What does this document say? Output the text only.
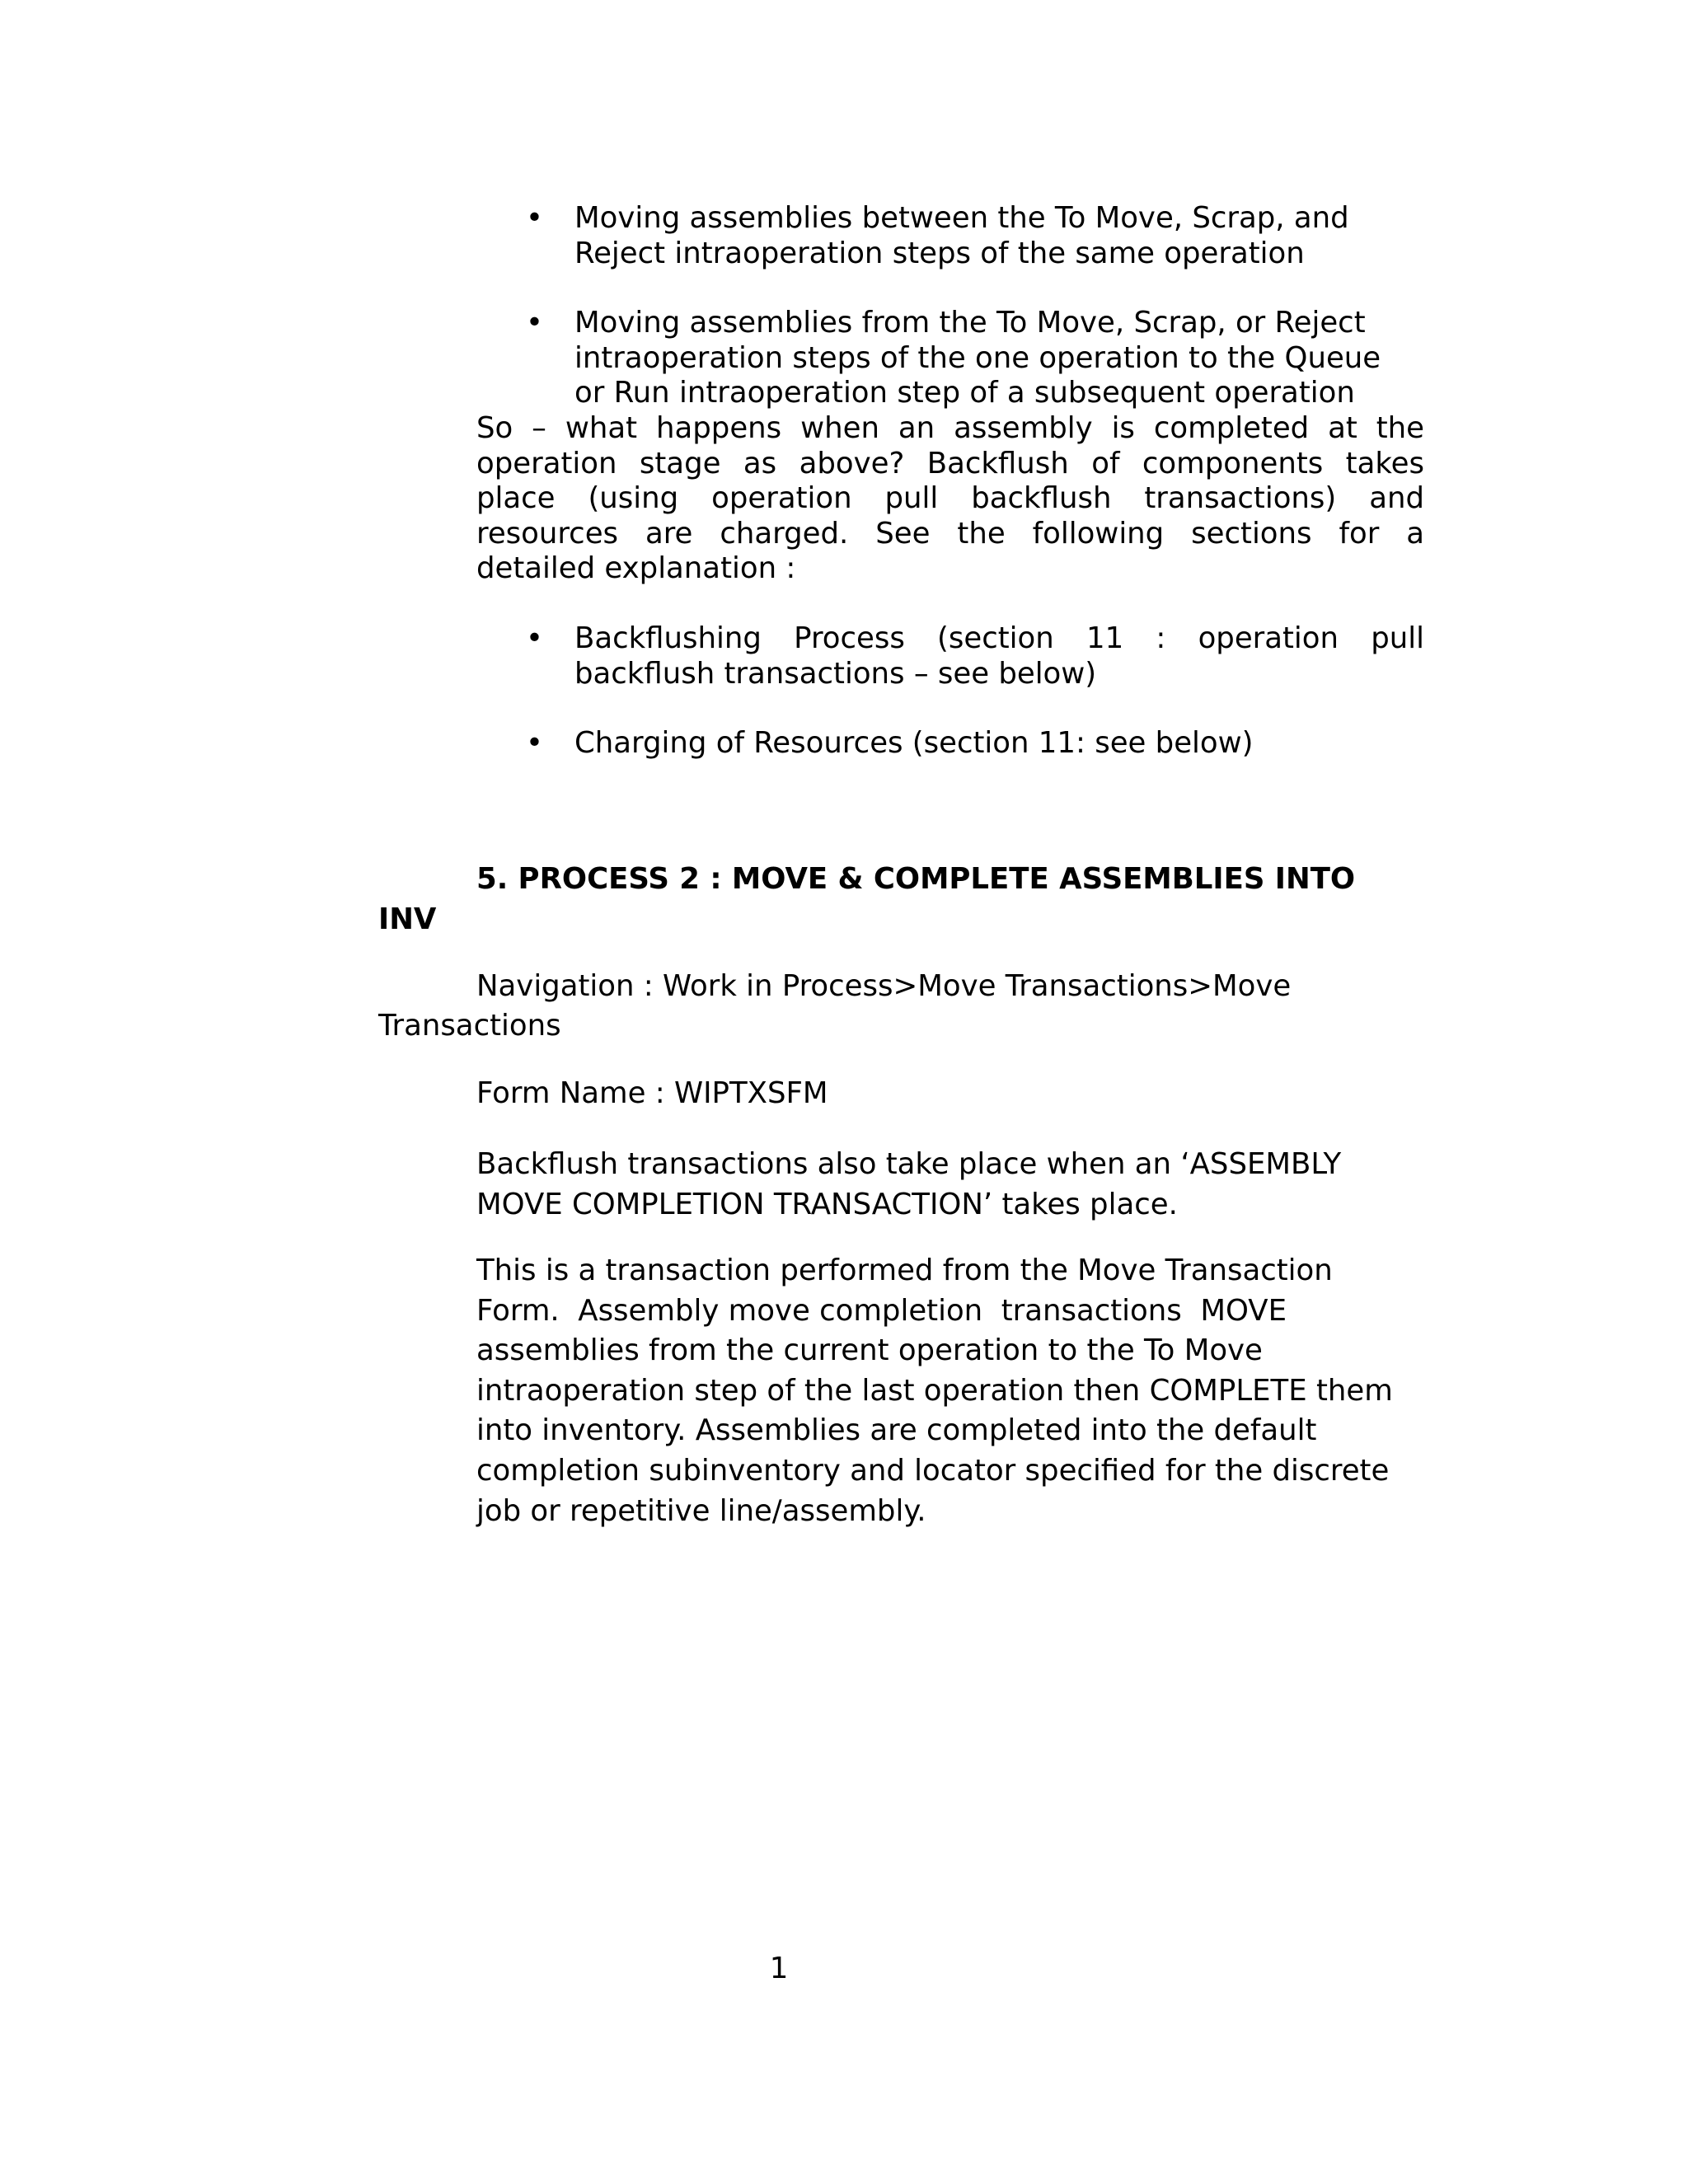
• Moving assemblies between the To Move, Scrap, and
Reject intraoperation steps of the same operation
• Moving assemblies from the To Move, Scrap, or Reject
intraoperation steps of the one operation to the Queue
or Run intraoperation step of a subsequent operation
So – what happens when an assembly is completed at the
operation stage as above? Backflush of components takes
place (using operation pull backflush transactions) and
resources are charged. See the following sections for a
detailed explanation :
• Backflushing Process (section 11 : operation pull
backflush transactions – see below)
• Charging of Resources (section 11: see below)
5. PROCESS 2 : MOVE & COMPLETE ASSEMBLIES INTO
INV
Navigation : Work in Process>Move Transactions>Move
Transactions
Form Name : WIPTXSFM
Backflush transactions also take place when an ‘ASSEMBLY
MOVE COMPLETION TRANSACTION’ takes place.
This is a transaction performed from the Move Transaction
Form.  Assembly move completion  transactions  MOVE
assemblies from the current operation to the To Move
intraoperation step of the last operation then COMPLETE them
into inventory. Assemblies are completed into the default
completion subinventory and locator specified for the discrete
job or repetitive line/assembly.
1
